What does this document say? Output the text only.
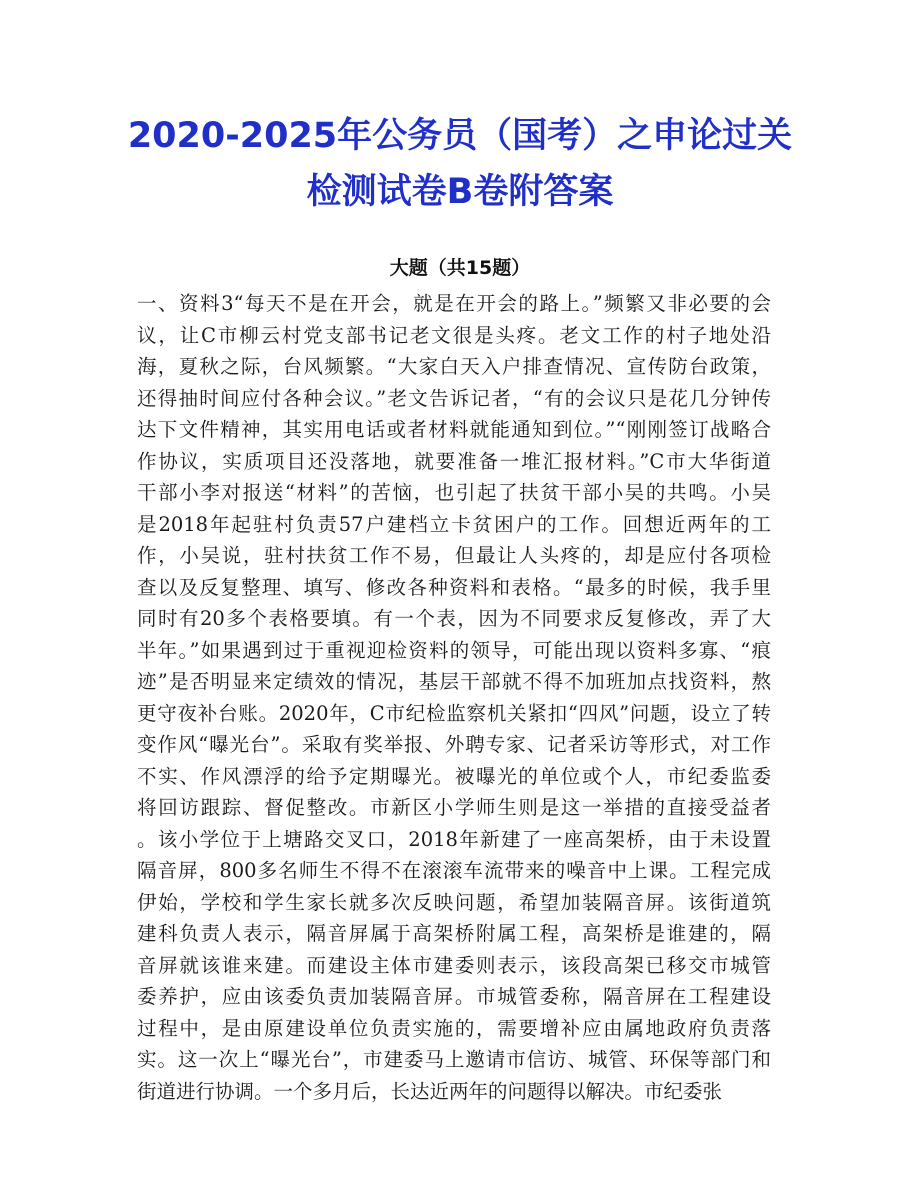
2020-2025年公务员（国考）之申论过关
检测试卷B卷附答案
大题（共15题）
一、资料3“每天不是在开会，就是在开会的路上。”频繁又非必要的会
议，让C市柳云村党支部书记老文很是头疼。老文工作的村子地处沿
海，夏秋之际，台风频繁。“大家白天入户排查情况、宣传防台政策，
还得抽时间应付各种会议。”老文告诉记者，“有的会议只是花几分钟传
达下文件精神，其实用电话或者材料就能通知到位。”“刚刚签订战略合
作协议，实质项目还没落地，就要准备一堆汇报材料。”C市大华街道
干部小李对报送“材料”的苦恼，也引起了扶贫干部小吴的共鸣。小吴
是2018年起驻村负责57户建档立卡贫困户的工作。回想近两年的工
作，小吴说，驻村扶贫工作不易，但最让人头疼的，却是应付各项检
查以及反复整理、填写、修改各种资料和表格。“最多的时候，我手里
同时有20多个表格要填。有一个表，因为不同要求反复修改，弄了大
半年。”如果遇到过于重视迎检资料的领导，可能出现以资料多寡、“痕
迹”是否明显来定绩效的情况，基层干部就不得不加班加点找资料，熬
更守夜补台账。2020年，C市纪检监察机关紧扣“四风”问题，设立了转
变作风“曝光台”。采取有奖举报、外聘专家、记者采访等形式，对工作
不实、作风漂浮的给予定期曝光。被曝光的单位或个人，市纪委监委
将回访跟踪、督促整改。市新区小学师生则是这一举措的直接受益者
。该小学位于上塘路交叉口，2018年新建了一座高架桥，由于未设置
隔音屏，800多名师生不得不在滚滚车流带来的噪音中上课。工程完成
伊始，学校和学生家长就多次反映问题，希望加装隔音屏。该街道筑
建科负责人表示，隔音屏属于高架桥附属工程，高架桥是谁建的，隔
音屏就该谁来建。而建设主体市建委则表示，该段高架已移交市城管
委养护，应由该委负责加装隔音屏。市城管委称，隔音屏在工程建设
过程中，是由原建设单位负责实施的，需要增补应由属地政府负责落
实。这一次上“曝光台”，市建委马上邀请市信访、城管、环保等部门和
街道进行协调。一个多月后，长达近两年的问题得以解决。市纪委张
